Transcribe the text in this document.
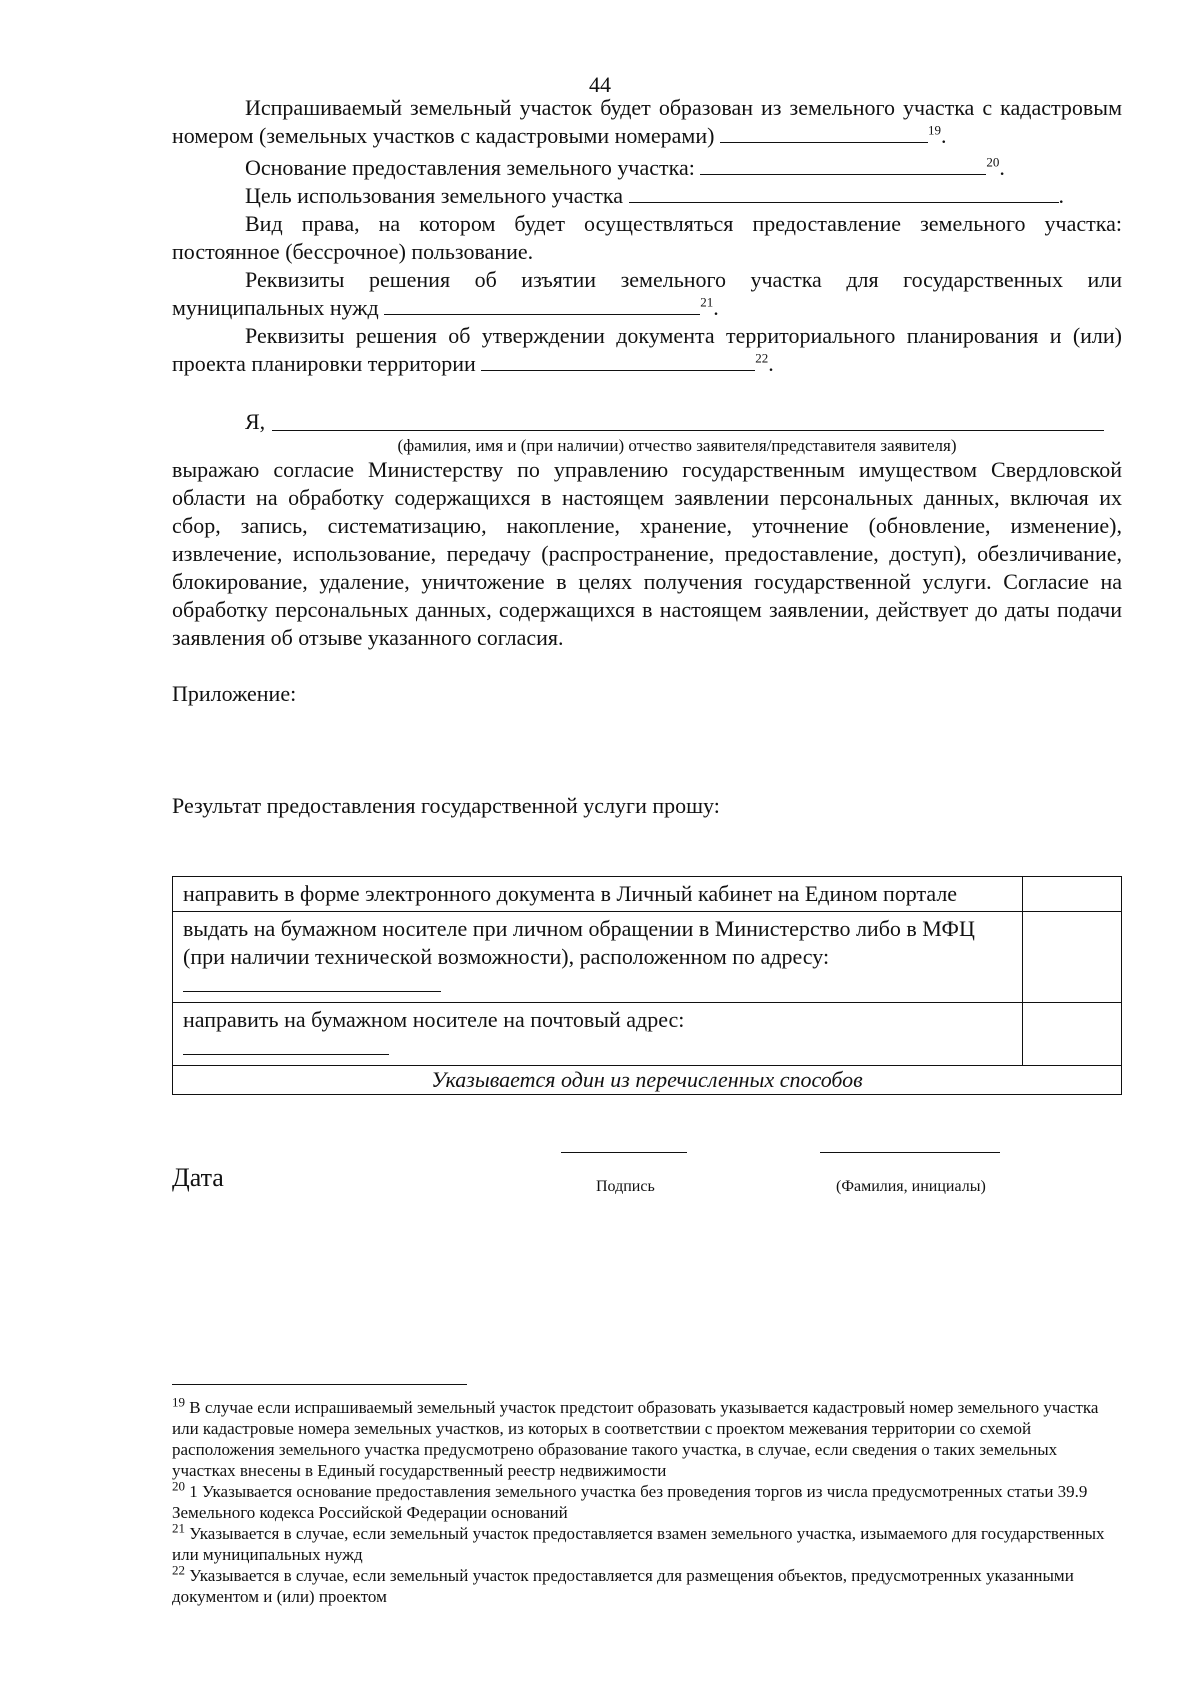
44

Испрашиваемый земельный участок будет образован из земельного участка с кадастровым номером (земельных участков с кадастровыми номерами)	$^{19}$.

Основание предоставления земельного участка:	$^{20}$.

Цель использования земельного участка	.

Вид права, на котором будет осуществляться предоставление земельного участка: постоянное (бессрочное) пользование.

Реквизиты решения об изъятии земельного участка для государственных или муниципальных нужд	$^{21}$.

Реквизиты решения об утверждении документа территориального планирования и (или) проекта планировки территории	$^{22}$.

Я,
(фамилия, имя и (при наличии) отчество заявителя/представителя заявителя)

выражаю согласие Министерству по управлению государственным имуществом Свердловской области на обработку содержащихся в настоящем заявлении персональных данных, включая их сбор, запись, систематизацию, накопление, хранение, уточнение (обновление, изменение), извлечение, использование, передачу (распространение, предоставление, доступ), обезличивание, блокирование, удаление, уничтожение в целях получения государственной услуги. Согласие на обработку персональных данных, содержащихся в настоящем заявлении, действует до даты подачи заявления об отзыве указанного согласия.

Приложение:

Результат предоставления государственной услуги прошу:

направить в форме электронного документа в Личный кабинет на Едином портале	
выдать на бумажном носителе при личном обращении в Министерство либо в МФЦ (при наличии технической возможности), расположенном по адресу:	
направить на бумажном носителе на почтовый адрес:

Указывается один из перечисленных способов	
Дата	Подпись	(Фамилия, инициалы)

$^{19}$ В случае если испрашиваемый земельный участок предстоит образовать указывается кадастровый номер земельного участка или кадастровые номера земельных участков, из которых в соответствии с проектом межевания территории со схемой расположения земельного участка предусмотрено образование такого участка, в случае, если сведения о таких земельных участках внесены в Единый государственный реестр недвижимости

$^{20}$ 1 Указывается основание предоставления земельного участка без проведения торгов из числа предусмотренных статьи 39.9 Земельного кодекса Российской Федерации оснований

$^{21}$ Указывается в случае, если земельный участок предоставляется взамен земельного участка, изымаемого для государственных или муниципальных нужд

$^{22}$ Указывается в случае, если земельный участок предоставляется для размещения объектов, предусмотренных указанными документом и (или) проектом
